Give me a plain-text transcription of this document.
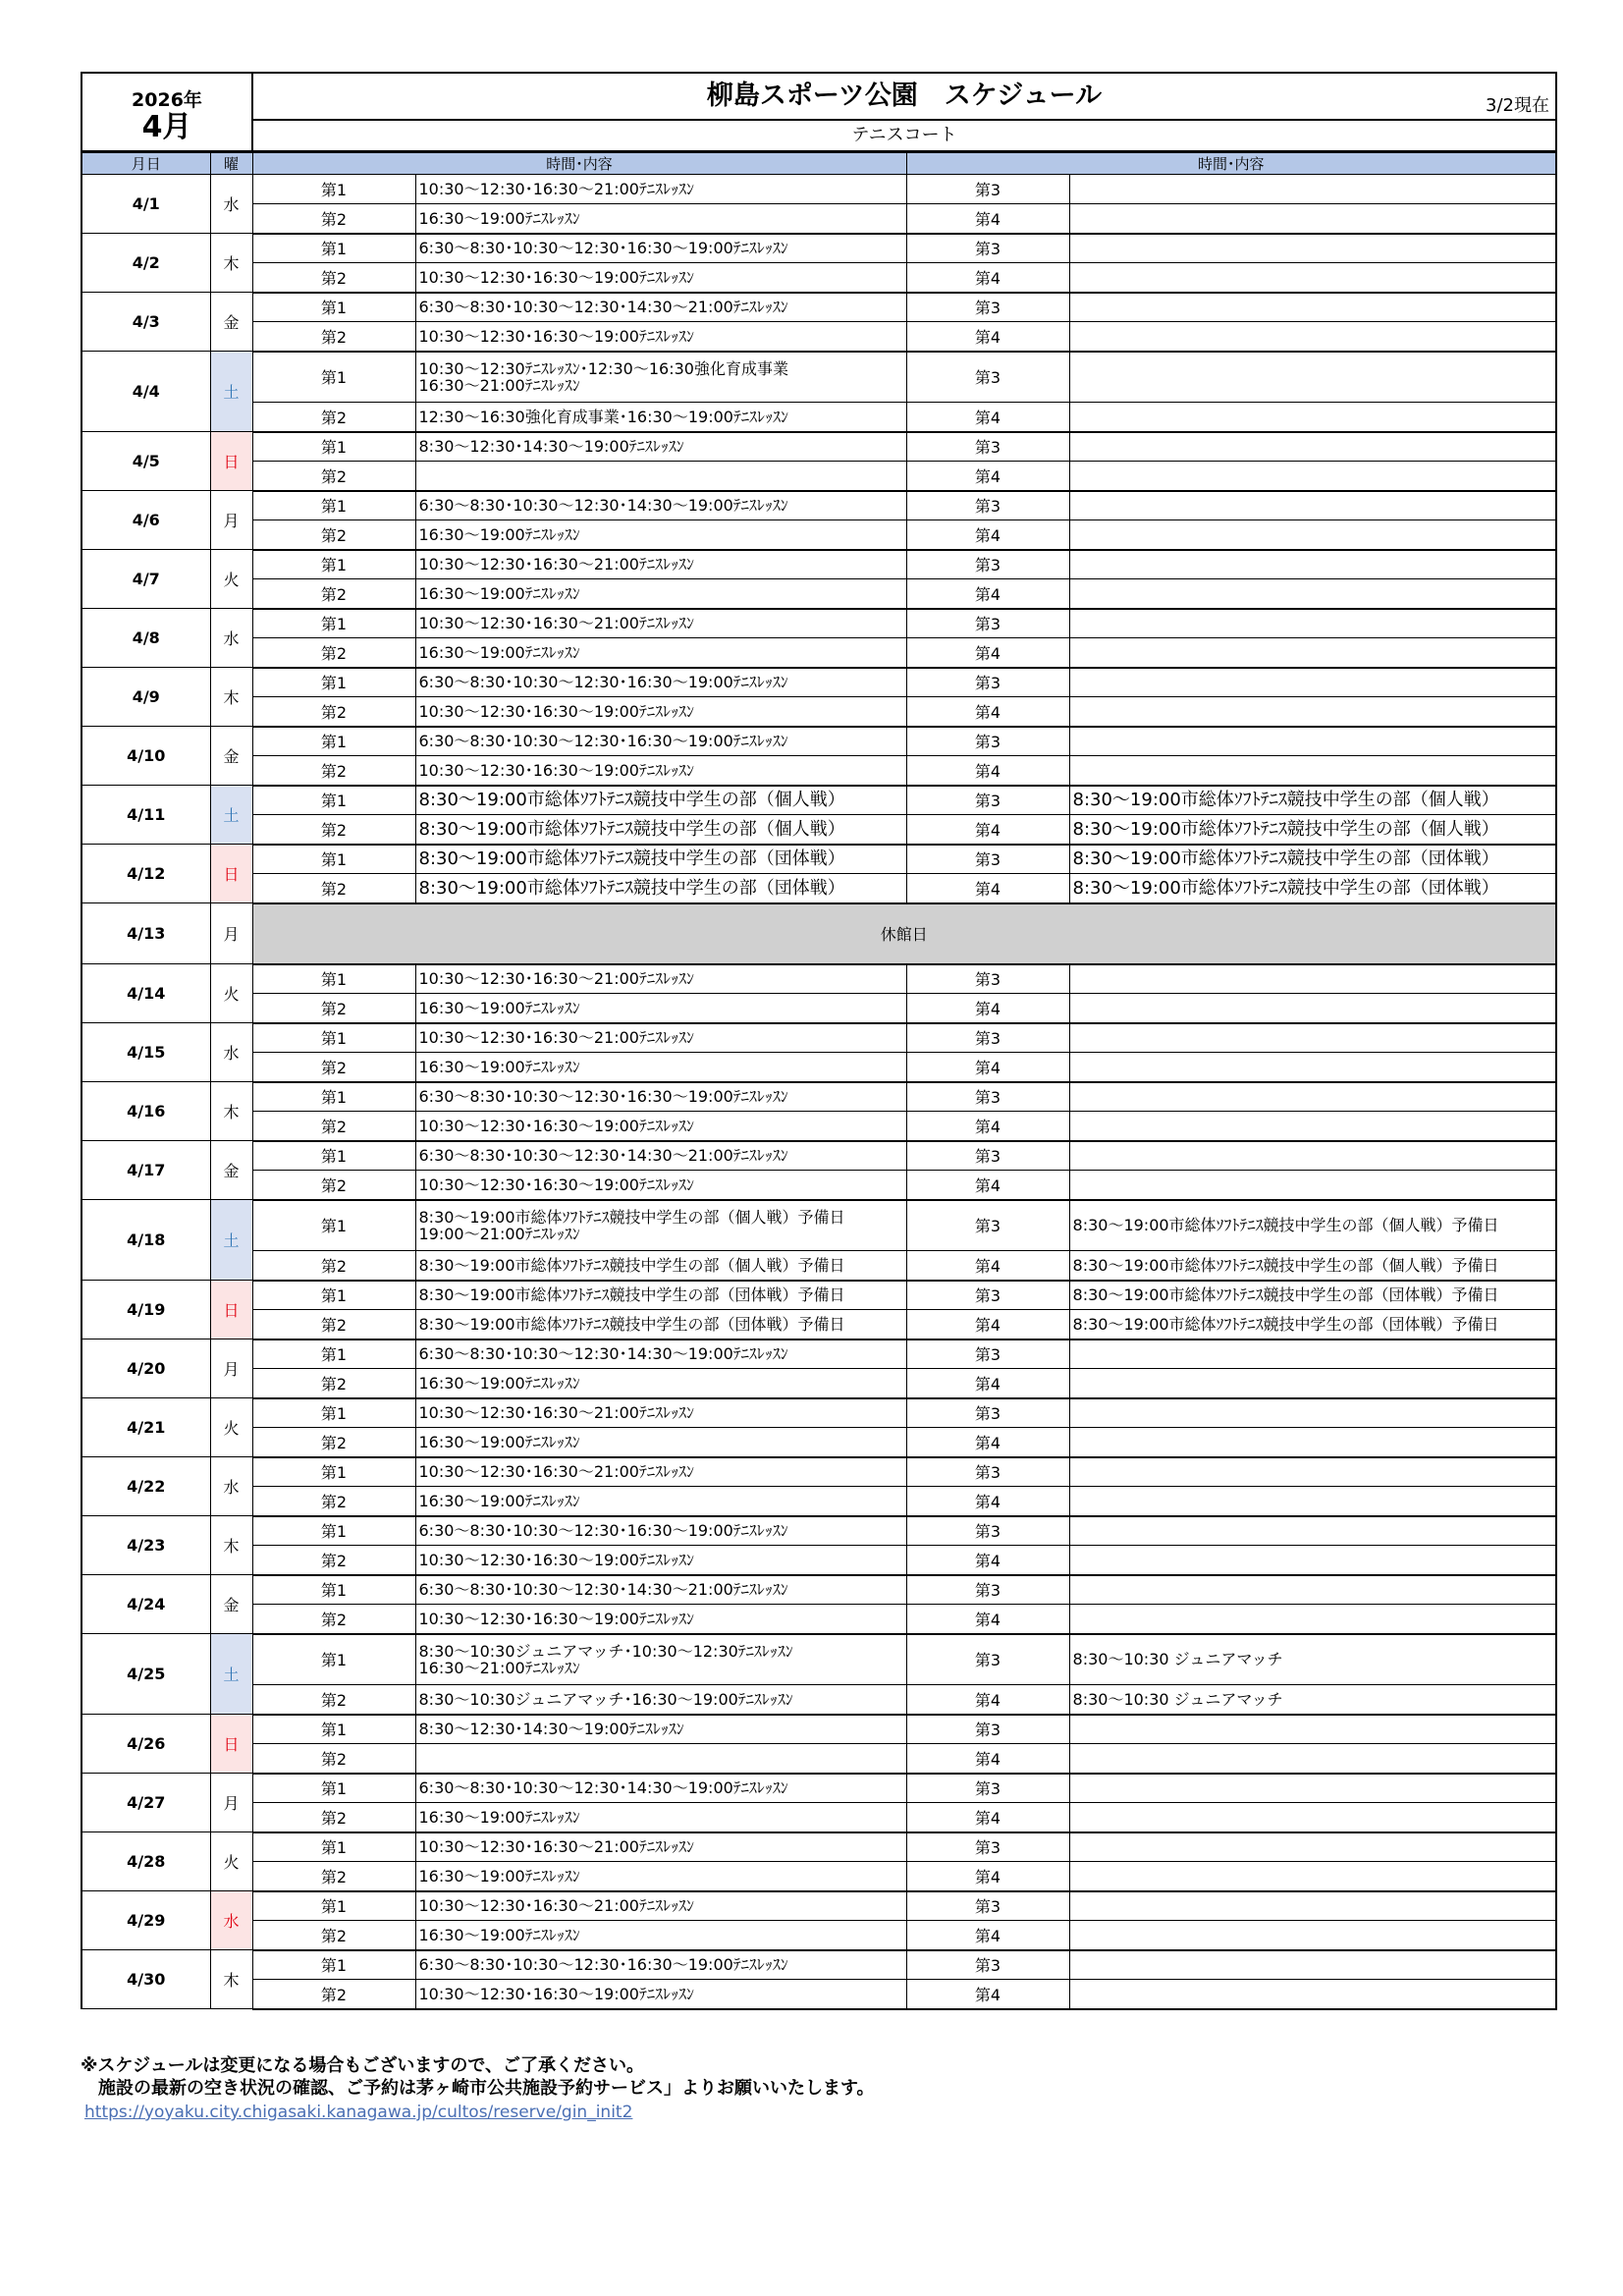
2026年
4月

柳島スポーツ公園　スケジュール	3/2現在

テニスコート
月日	曜	時間･内容		時間･内容	
4/1	水	第1	10:30～12:30･16:30～21:00ﾃﾆｽﾚｯｽﾝ	第3	
		第2	16:30～19:00ﾃﾆｽﾚｯｽﾝ	第4	
4/2	木	第1	6:30～8:30･10:30～12:30･16:30～19:00ﾃﾆｽﾚｯｽﾝ	第3	
		第2	10:30～12:30･16:30～19:00ﾃﾆｽﾚｯｽﾝ	第4	
4/3	金	第1	6:30～8:30･10:30～12:30･14:30～21:00ﾃﾆｽﾚｯｽﾝ	第3	
		第2	10:30～12:30･16:30～19:00ﾃﾆｽﾚｯｽﾝ	第4	
4/4	土	第1	10:30～12:30ﾃﾆｽﾚｯｽﾝ･12:30～16:30強化育成事業
16:30～21:00ﾃﾆｽﾚｯｽﾝ	第3	
		第2	12:30～16:30強化育成事業･16:30～19:00ﾃﾆｽﾚｯｽﾝ	第4	
4/5	日	第1	8:30～12:30･14:30～19:00ﾃﾆｽﾚｯｽﾝ	第3	
		第2		第4	
4/6	月	第1	6:30～8:30･10:30～12:30･14:30～19:00ﾃﾆｽﾚｯｽﾝ	第3	
		第2	16:30～19:00ﾃﾆｽﾚｯｽﾝ	第4	
4/7	火	第1	10:30～12:30･16:30～21:00ﾃﾆｽﾚｯｽﾝ	第3	
		第2	16:30～19:00ﾃﾆｽﾚｯｽﾝ	第4	
4/8	水	第1	10:30～12:30･16:30～21:00ﾃﾆｽﾚｯｽﾝ	第3	
		第2	16:30～19:00ﾃﾆｽﾚｯｽﾝ	第4	
4/9	木	第1	6:30～8:30･10:30～12:30･16:30～19:00ﾃﾆｽﾚｯｽﾝ	第3	
		第2	10:30～12:30･16:30～19:00ﾃﾆｽﾚｯｽﾝ	第4	
4/10	金	第1	6:30～8:30･10:30～12:30･16:30～19:00ﾃﾆｽﾚｯｽﾝ	第3	
		第2	10:30～12:30･16:30～19:00ﾃﾆｽﾚｯｽﾝ	第4	
4/11	土	第1	8:30～19:00市総体ｿﾌﾄﾃﾆｽ競技中学生の部（個人戦）	第3	8:30～19:00市総体ｿﾌﾄﾃﾆｽ競技中学生の部（個人戦）
		第2	8:30～19:00市総体ｿﾌﾄﾃﾆｽ競技中学生の部（個人戦）	第4	8:30～19:00市総体ｿﾌﾄﾃﾆｽ競技中学生の部（個人戦）
4/12	日	第1	8:30～19:00市総体ｿﾌﾄﾃﾆｽ競技中学生の部（団体戦）	第3	8:30～19:00市総体ｿﾌﾄﾃﾆｽ競技中学生の部（団体戦）
		第2	8:30～19:00市総体ｿﾌﾄﾃﾆｽ競技中学生の部（団体戦）	第4	8:30～19:00市総体ｿﾌﾄﾃﾆｽ競技中学生の部（団体戦）
4/13	月	休館日			
4/14	火	第1	10:30～12:30･16:30～21:00ﾃﾆｽﾚｯｽﾝ	第3	
		第2	16:30～19:00ﾃﾆｽﾚｯｽﾝ	第4	
4/15	水	第1	10:30～12:30･16:30～21:00ﾃﾆｽﾚｯｽﾝ	第3	
		第2	16:30～19:00ﾃﾆｽﾚｯｽﾝ	第4	
4/16	木	第1	6:30～8:30･10:30～12:30･16:30～19:00ﾃﾆｽﾚｯｽﾝ	第3	
		第2	10:30～12:30･16:30～19:00ﾃﾆｽﾚｯｽﾝ	第4	
4/17	金	第1	6:30～8:30･10:30～12:30･14:30～21:00ﾃﾆｽﾚｯｽﾝ	第3	
		第2	10:30～12:30･16:30～19:00ﾃﾆｽﾚｯｽﾝ	第4	
4/18	土	第1	8:30～19:00市総体ｿﾌﾄﾃﾆｽ競技中学生の部（個人戦）予備日
19:00～21:00ﾃﾆｽﾚｯｽﾝ	第3	8:30～19:00市総体ｿﾌﾄﾃﾆｽ競技中学生の部（個人戦）予備日
		第2	8:30～19:00市総体ｿﾌﾄﾃﾆｽ競技中学生の部（個人戦）予備日	第4	8:30～19:00市総体ｿﾌﾄﾃﾆｽ競技中学生の部（個人戦）予備日
4/19	日	第1	8:30～19:00市総体ｿﾌﾄﾃﾆｽ競技中学生の部（団体戦）予備日	第3	8:30～19:00市総体ｿﾌﾄﾃﾆｽ競技中学生の部（団体戦）予備日
		第2	8:30～19:00市総体ｿﾌﾄﾃﾆｽ競技中学生の部（団体戦）予備日	第4	8:30～19:00市総体ｿﾌﾄﾃﾆｽ競技中学生の部（団体戦）予備日
4/20	月	第1	6:30～8:30･10:30～12:30･14:30～19:00ﾃﾆｽﾚｯｽﾝ	第3	
		第2	16:30～19:00ﾃﾆｽﾚｯｽﾝ	第4	
4/21	火	第1	10:30～12:30･16:30～21:00ﾃﾆｽﾚｯｽﾝ	第3	
		第2	16:30～19:00ﾃﾆｽﾚｯｽﾝ	第4	
4/22	水	第1	10:30～12:30･16:30～21:00ﾃﾆｽﾚｯｽﾝ	第3	
		第2	16:30～19:00ﾃﾆｽﾚｯｽﾝ	第4	
4/23	木	第1	6:30～8:30･10:30～12:30･16:30～19:00ﾃﾆｽﾚｯｽﾝ	第3	
		第2	10:30～12:30･16:30～19:00ﾃﾆｽﾚｯｽﾝ	第4	
4/24	金	第1	6:30～8:30･10:30～12:30･14:30～21:00ﾃﾆｽﾚｯｽﾝ	第3	
		第2	10:30～12:30･16:30～19:00ﾃﾆｽﾚｯｽﾝ	第4	
4/25	土	第1	8:30～10:30ジュニアマッチ･10:30～12:30ﾃﾆｽﾚｯｽﾝ
16:30～21:00ﾃﾆｽﾚｯｽﾝ	第3	8:30～10:30 ジュニアマッチ
		第2	8:30～10:30ジュニアマッチ･16:30～19:00ﾃﾆｽﾚｯｽﾝ	第4	8:30～10:30 ジュニアマッチ
4/26	日	第1	8:30～12:30･14:30～19:00ﾃﾆｽﾚｯｽﾝ	第3	
		第2		第4	
4/27	月	第1	6:30～8:30･10:30～12:30･14:30～19:00ﾃﾆｽﾚｯｽﾝ	第3	
		第2	16:30～19:00ﾃﾆｽﾚｯｽﾝ	第4	
4/28	火	第1	10:30～12:30･16:30～21:00ﾃﾆｽﾚｯｽﾝ	第3	
		第2	16:30～19:00ﾃﾆｽﾚｯｽﾝ	第4	
4/29	水	第1	10:30～12:30･16:30～21:00ﾃﾆｽﾚｯｽﾝ	第3	
		第2	16:30～19:00ﾃﾆｽﾚｯｽﾝ	第4	
4/30	木	第1	6:30～8:30･10:30～12:30･16:30～19:00ﾃﾆｽﾚｯｽﾝ	第3	
		第2	10:30～12:30･16:30～19:00ﾃﾆｽﾚｯｽﾝ	第4	
※スケジュールは変更になる場合もございますので、ご了承ください。
施設の最新の空き状況の確認、ご予約は茅ヶ崎市公共施設予約サービス」よりお願いいたします。
https://yoyaku.city.chigasaki.kanagawa.jp/cultos/reserve/gin_init2
